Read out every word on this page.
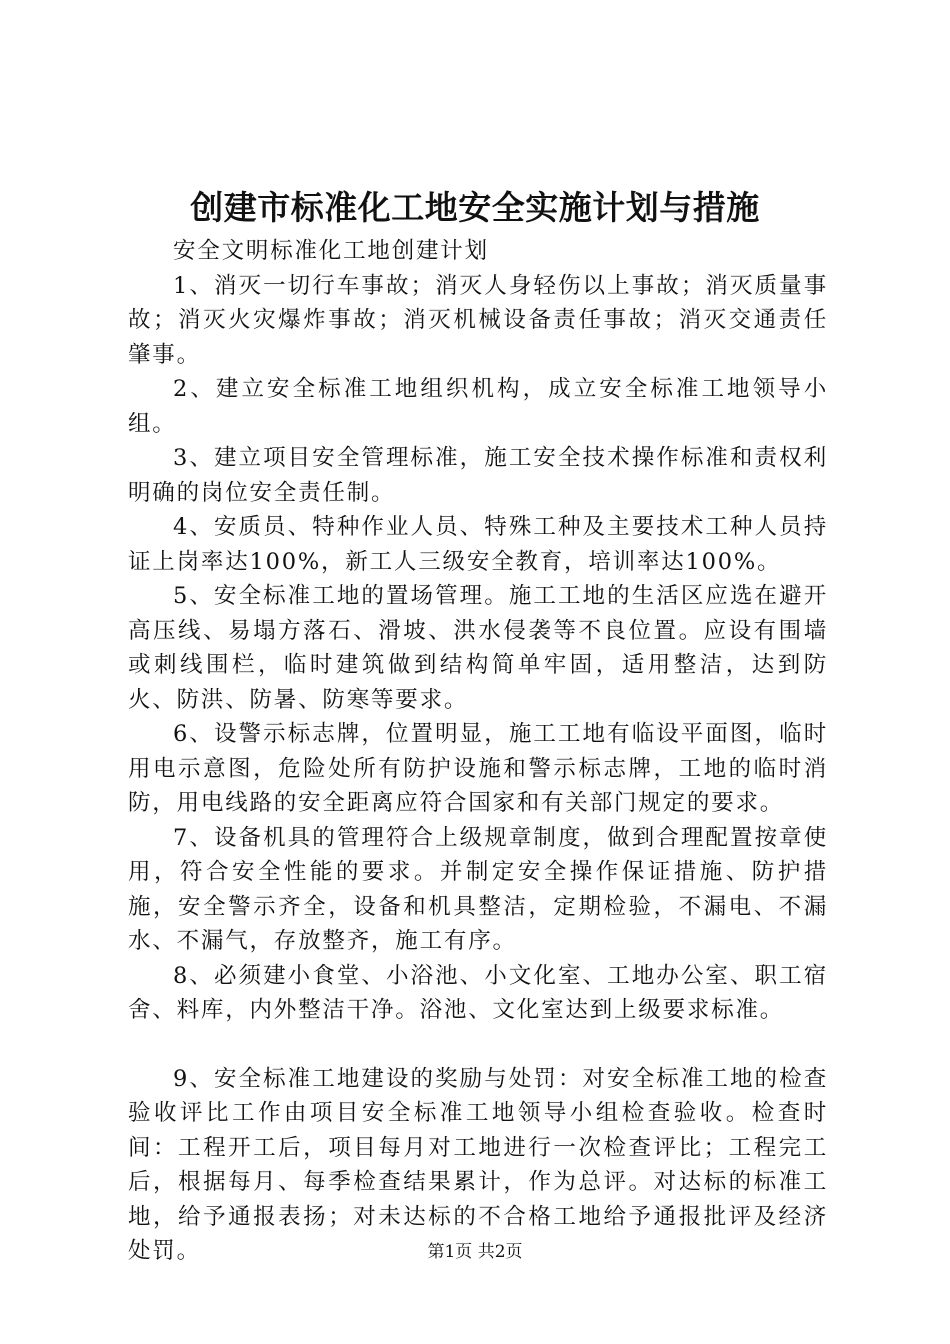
创建市标准化工地安全实施计划与措施

安全文明标准化工地创建计划

1、消灭一切行车事故；消灭人身轻伤以上事故；消灭质量事故；消灭火灾爆炸事故；消灭机械设备责任事故；消灭交通责任肇事。

2、建立安全标准工地组织机构，成立安全标准工地领导小组。

3、建立项目安全管理标准，施工安全技术操作标准和责权利明确的岗位安全责任制。

4、安质员、特种作业人员、特殊工种及主要技术工种人员持证上岗率达100%，新工人三级安全教育，培训率达100%。

5、安全标准工地的置场管理。施工工地的生活区应选在避开高压线、易塌方落石、滑坡、洪水侵袭等不良位置。应设有围墙或刺线围栏，临时建筑做到结构简单牢固，适用整洁，达到防火、防洪、防暑、防寒等要求。

6、设警示标志牌，位置明显，施工工地有临设平面图，临时用电示意图，危险处所有防护设施和警示标志牌，工地的临时消防，用电线路的安全距离应符合国家和有关部门规定的要求。

7、设备机具的管理符合上级规章制度，做到合理配置按章使用，符合安全性能的要求。并制定安全操作保证措施、防护措施，安全警示齐全，设备和机具整洁，定期检验，不漏电、不漏水、不漏气，存放整齐，施工有序。

8、必须建小食堂、小浴池、小文化室、工地办公室、职工宿舍、料库，内外整洁干净。浴池、文化室达到上级要求标准。

9、安全标准工地建设的奖励与处罚：对安全标准工地的检查验收评比工作由项目安全标准工地领导小组检查验收。检查时间：工程开工后，项目每月对工地进行一次检查评比；工程完工后，根据每月、每季检查结果累计，作为总评。对达标的标准工地，给予通报表扬；对未达标的不合格工地给予通报批评及经济处罚。	第1页 共2页
